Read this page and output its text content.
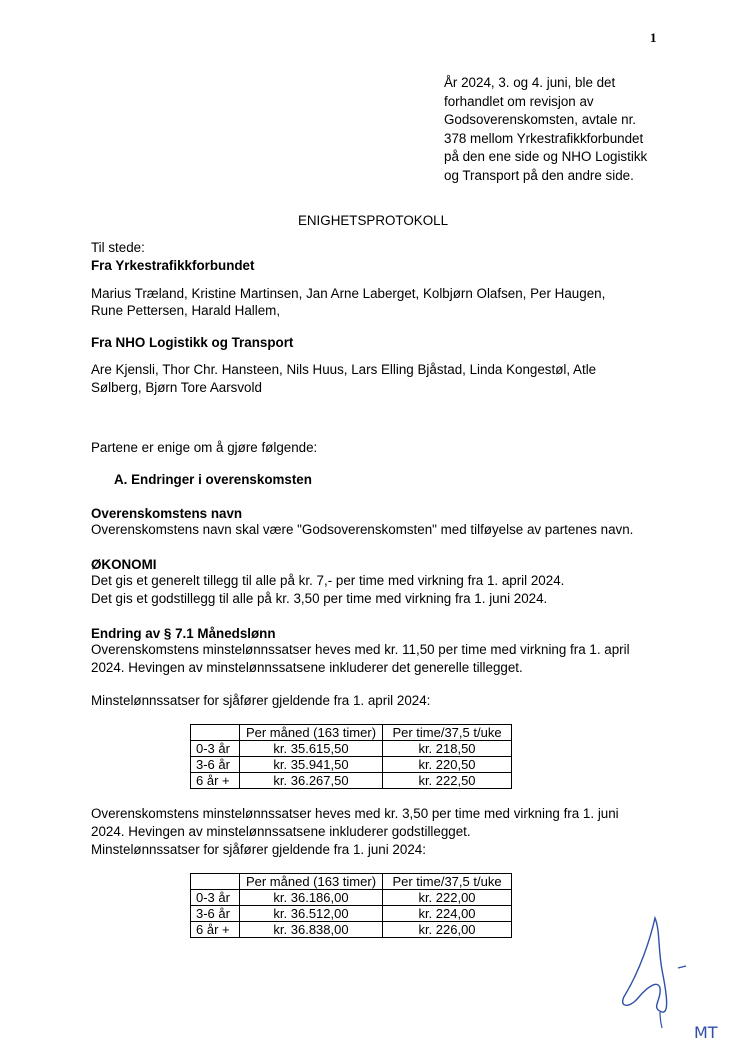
1
År 2024, 3. og 4. juni, ble det
forhandlet om revisjon av
Godsoverenskomsten, avtale nr.
378 mellom Yrkestrafikkforbundet
på den ene side og NHO Logistikk
og Transport på den andre side.
ENIGHETSPROTOKOLL
Til stede:
Fra Yrkestrafikkforbundet
Marius Træland, Kristine Martinsen, Jan Arne Laberget, Kolbjørn Olafsen, Per Haugen,
Rune Pettersen, Harald Hallem,
Fra NHO Logistikk og Transport
Are Kjensli, Thor Chr. Hansteen, Nils Huus, Lars Elling Bjåstad, Linda Kongestøl, Atle
Sølberg, Bjørn Tore Aarsvold
Partene er enige om å gjøre følgende:
A. Endringer i overenskomsten
Overenskomstens navn
Overenskomstens navn skal være "Godsoverenskomsten" med tilføyelse av partenes navn.
ØKONOMI
Det gis et generelt tillegg til alle på kr. 7,- per time med virkning fra 1. april 2024.
Det gis et godstillegg til alle på kr. 3,50 per time med virkning fra 1. juni 2024.
Endring av § 7.1 Månedslønn
Overenskomstens minstelønnssatser heves med kr. 11,50 per time med virkning fra 1. april
2024. Hevingen av minstelønnssatsene inkluderer det generelle tillegget.
Minstelønnssatser for sjåfører gjeldende fra 1. april 2024:
	Per måned (163 timer)	Per time/37,5 t/uke
0-3 år	kr. 35.615,50	kr. 218,50
3-6 år	kr. 35.941,50	kr. 220,50
6 år +	kr. 36.267,50	kr. 222,50
Overenskomstens minstelønnssatser heves med kr. 3,50 per time med virkning fra 1. juni
2024. Hevingen av minstelønnssatsene inkluderer godstillegget.
Minstelønnssatser for sjåfører gjeldende fra 1. juni 2024:
	Per måned (163 timer)	Per time/37,5 t/uke
0-3 år	kr. 36.186,00	kr. 222,00
3-6 år	kr. 36.512,00	kr. 224,00
6 år +	kr. 36.838,00	kr. 226,00
MT
